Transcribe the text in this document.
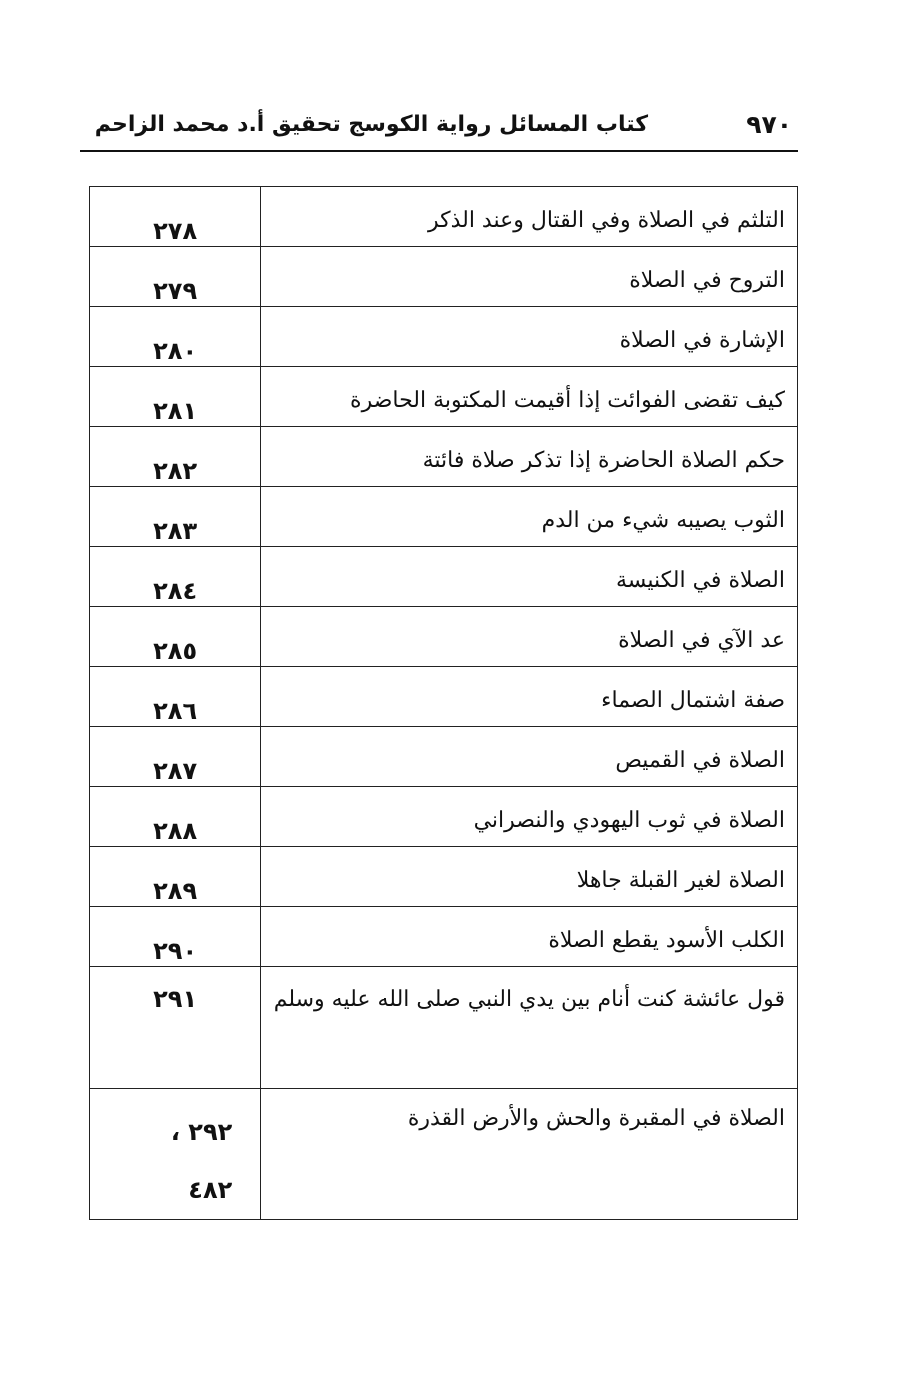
كتاب المسائل رواية الكوسج تحقيق أ.د محمد الزاحم	٩٧٠
التلثم في الصلاة وفي القتال وعند الذكر	٢٧٨
التروح في الصلاة	٢٧٩
الإشارة في الصلاة	٢٨٠
كيف تقضى الفوائت إذا أقيمت المكتوبة الحاضرة	٢٨١
حكم الصلاة الحاضرة إذا تذكر صلاة فائتة	٢٨٢
الثوب يصيبه شيء من الدم	٢٨٣
الصلاة في الكنيسة	٢٨٤
عد الآي في الصلاة	٢٨٥
صفة اشتمال الصماء	٢٨٦
الصلاة في القميص	٢٨٧
الصلاة في ثوب اليهودي والنصراني	٢٨٨
الصلاة لغير القبلة جاهلا	٢٨٩
الكلب الأسود يقطع الصلاة	٢٩٠
قول عائشة كنت أنام بين يدي النبي صلى الله عليه وسلم	٢٩١
الصلاة في المقبرة والحش والأرض القذرة	٢٩٢ ،
٤٨٢
